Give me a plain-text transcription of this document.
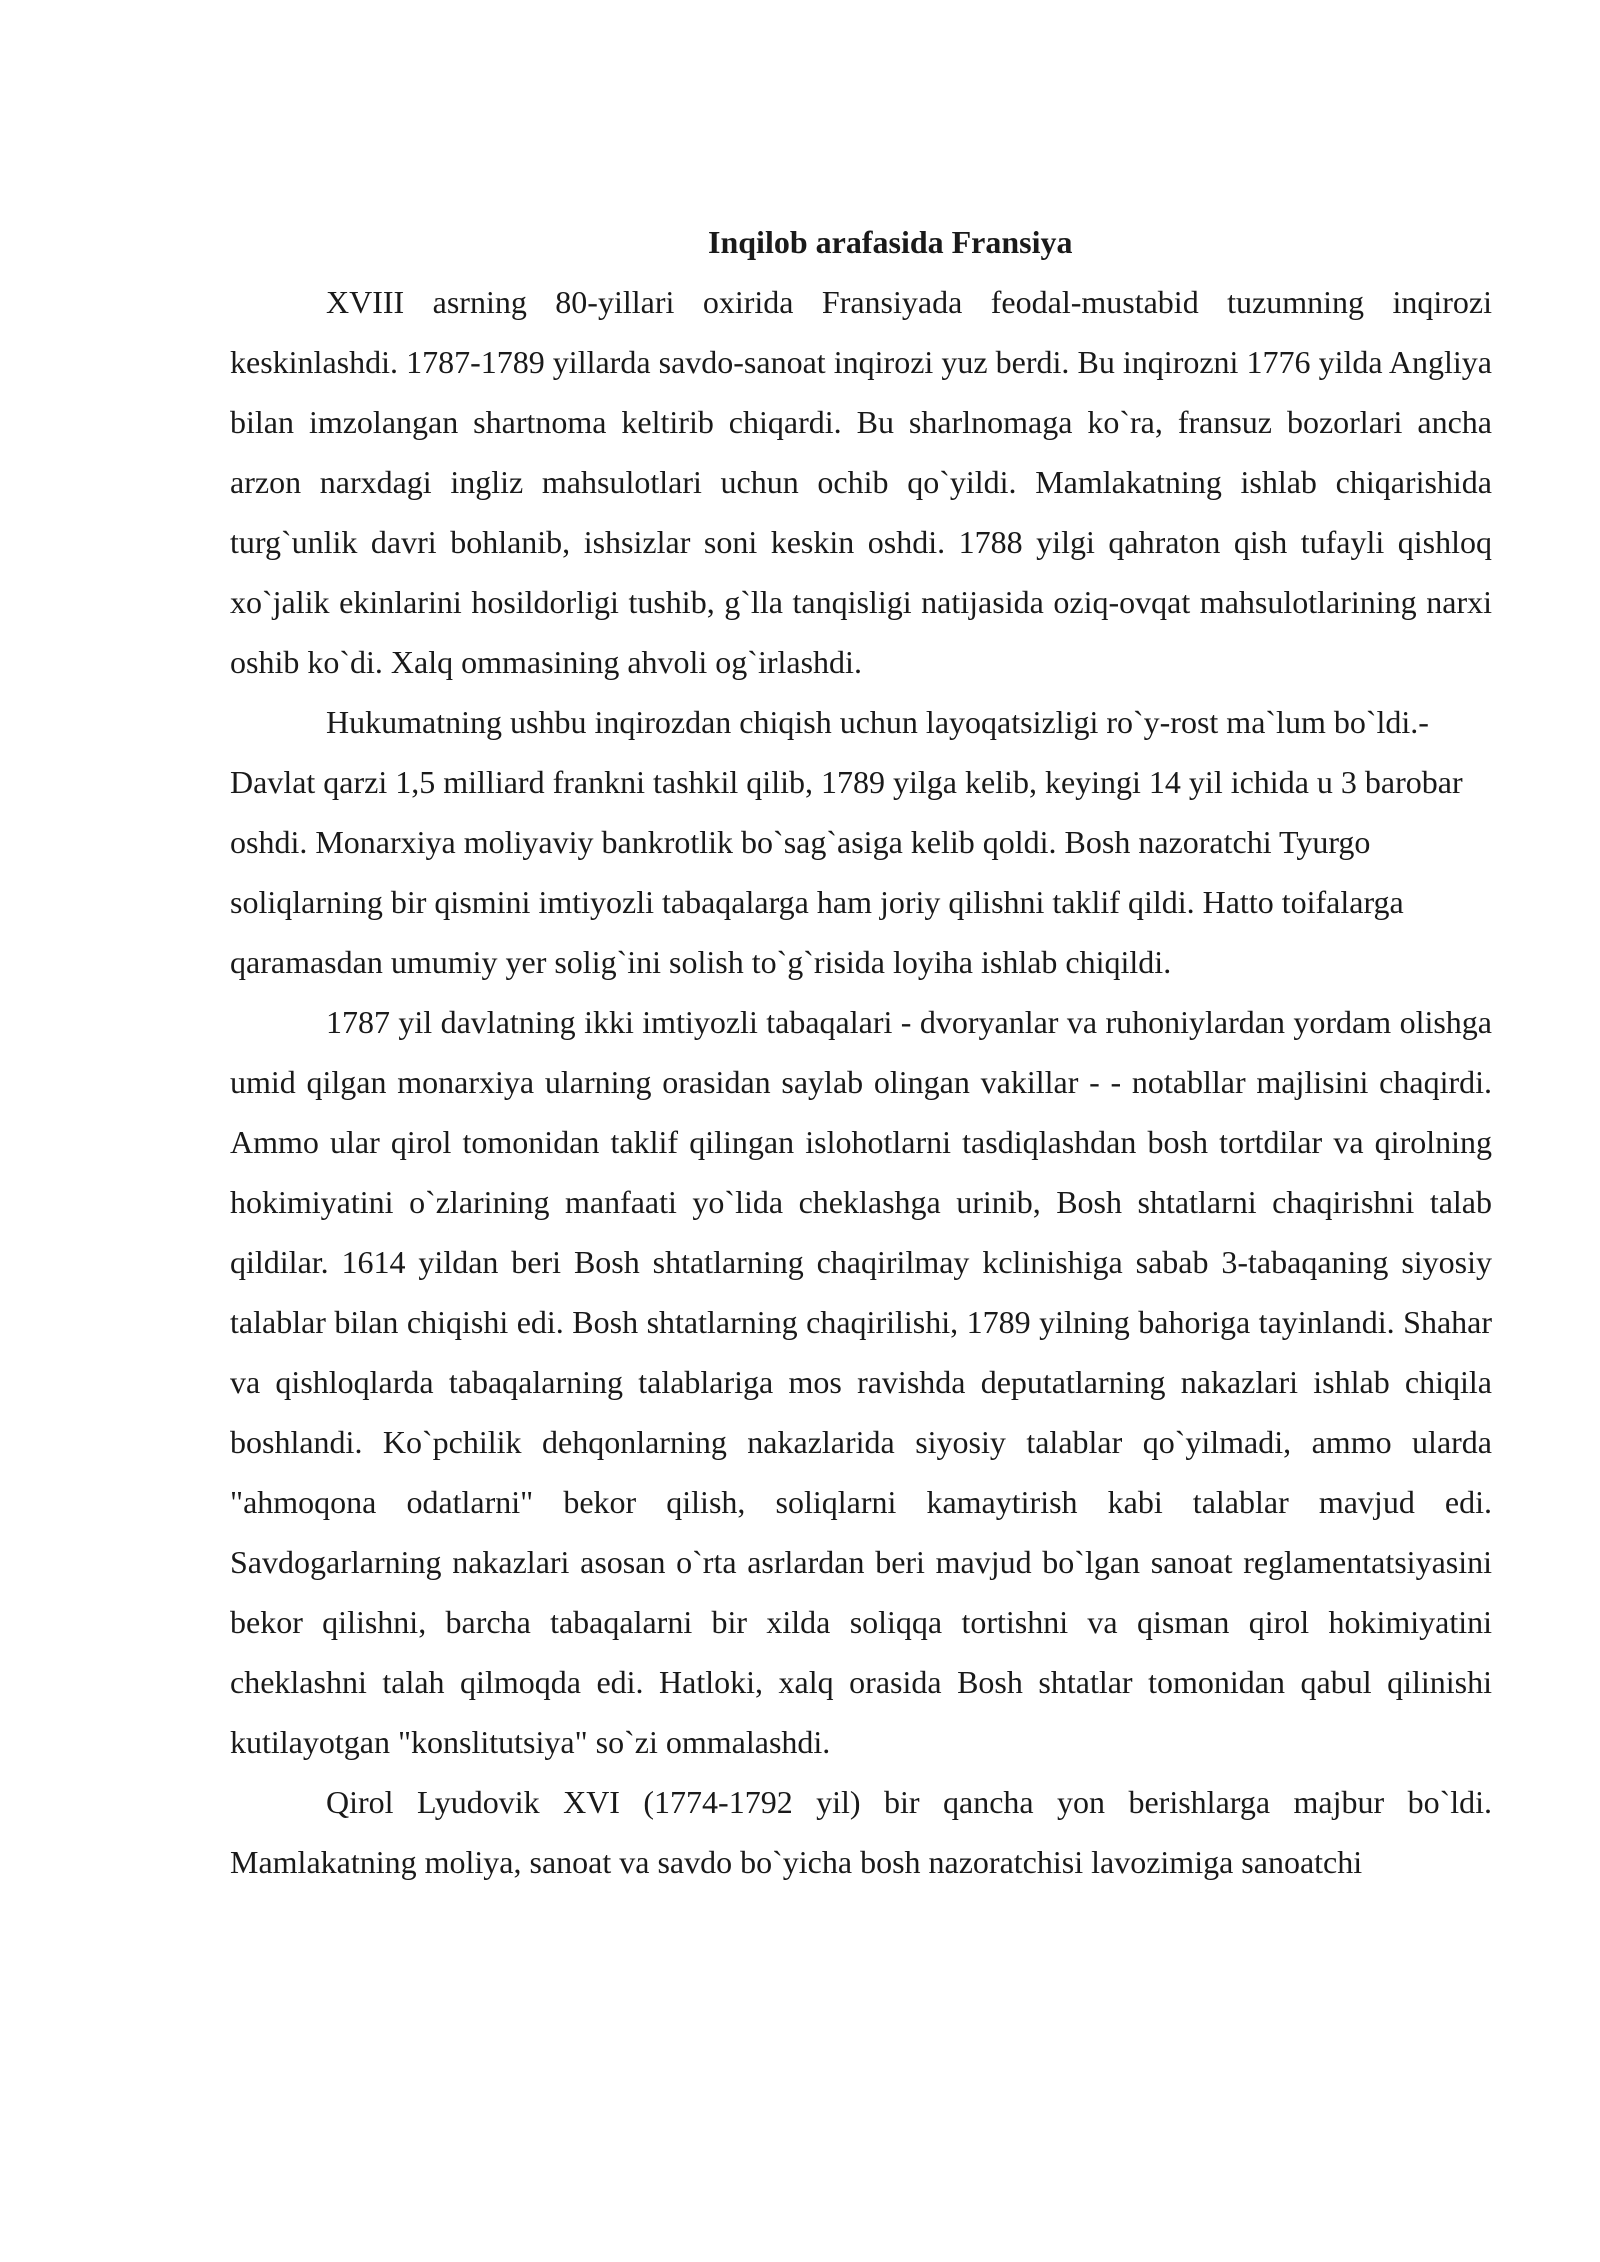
Inqilob arafasida Fransiya

XVIII asrning 80-yillari oxirida Fransiyada feodal-mustabid tuzumning inqirozi keskinlashdi. 1787-1789 yillarda savdo-sanoat inqirozi yuz berdi. Bu inqirozni 1776 yilda Angliya bilan imzolangan shartnoma keltirib chiqardi. Bu sharlnomaga ko`ra, fransuz bozorlari ancha arzon narxdagi ingliz mahsulotlari uchun ochib qo`yildi. Mamlakatning ishlab chiqarishida turg`unlik davri bohlanib, ishsizlar soni keskin oshdi. 1788 yilgi qahraton qish tufayli qishloq xo`jalik ekinlarini hosildorligi tushib, g`lla tanqisligi natijasida oziq-ovqat mahsulotlarining narxi oshib ko`di. Xalq ommasining ahvoli og`irlashdi.

Hukumatning ushbu inqirozdan chiqish uchun layoqatsizligi ro`y-rost ma`lum bo`ldi.-Davlat qarzi 1,5 milliard frankni tashkil qilib, 1789 yilga kelib, keyingi 14 yil ichida u 3 barobar oshdi. Monarxiya moliyaviy bankrotlik bo`sag`asiga kelib qoldi. Bosh nazoratchi Tyurgo soliqlarning bir qismini imtiyozli tabaqalarga ham joriy qilishni taklif qildi. Hatto toifalarga qaramasdan umumiy yer solig`ini solish to`g`risida loyiha ishlab chiqildi.

1787 yil davlatning ikki imtiyozli tabaqalari - dvoryanlar va ruhoniylardan yordam olishga umid qilgan monarxiya ularning orasidan saylab olingan vakillar - - notabllar majlisini chaqirdi. Ammo ular qirol tomonidan taklif qilingan islohotlarni tasdiqlashdan bosh tortdilar va qirolning hokimiyatini o`zlarining manfaati yo`lida cheklashga urinib, Bosh shtatlarni chaqirishni talab qildilar. 1614 yildan beri Bosh shtatlarning chaqirilmay kclinishiga sabab 3-tabaqaning siyosiy talablar bilan chiqishi edi. Bosh shtatlarning chaqirilishi, 1789 yilning bahoriga tayinlandi. Shahar va qishloqlarda tabaqalarning talablariga mos ravishda deputatlarning nakazlari ishlab chiqila boshlandi. Ko`pchilik dehqonlarning nakazlarida siyosiy talablar qo`yilmadi, ammo ularda "ahmoqona odatlarni" bekor qilish, soliqlarni kamaytirish kabi talablar mavjud edi. Savdogarlarning nakazlari asosan o`rta asrlardan beri mavjud bo`lgan sanoat reglamentatsiyasini bekor qilishni, barcha tabaqalarni bir xilda soliqqa tortishni va qisman qirol hokimiyatini cheklashni talah qilmoqda edi. Hatloki, xalq orasida Bosh shtatlar tomonidan qabul qilinishi kutilayotgan "konslitutsiya" so`zi ommalashdi.

Qirol Lyudovik XVI (1774-1792 yil) bir qancha yon berishlarga majbur bo`ldi. Mamlakatning moliya, sanoat va savdo bo`yicha bosh nazoratchisi lavozimiga sanoatchi
